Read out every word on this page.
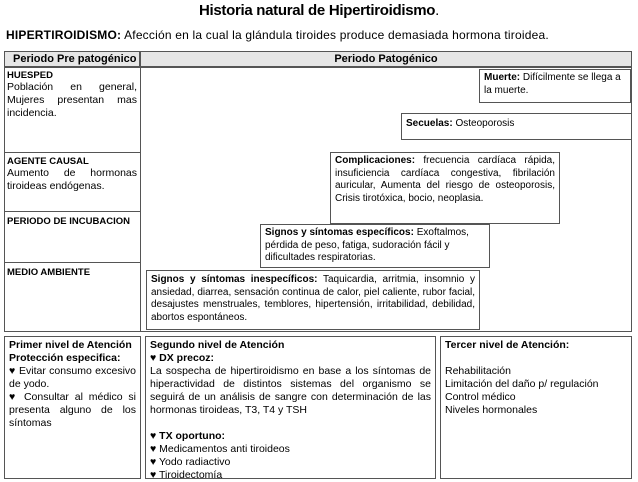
Historia natural de Hipertiroidismo.
HIPERTIROIDISMO: Afección en la cual la glándula tiroides produce demasiada hormona tiroidea.
Periodo Pre patogénico	Periodo Patogénico
HUESPED
Población en general, Mujeres presentan mas incidencia.
AGENTE CAUSAL
Aumento de hormonas tiroideas endógenas.
PERIODO DE INCUBACION
MEDIO AMBIENTE
Muerte: Difícilmente se llega a la muerte.
Secuelas: Osteoporosis
Complicaciones: frecuencia cardíaca rápida, insuficiencia cardíaca congestiva, fibrilación auricular, Aumenta del riesgo de osteoporosis, Crisis tirotóxica, bocio, neoplasia.
Signos y síntomas específicos: Exoftalmos, pérdida de peso, fatiga, sudoración fácil y dificultades respiratorias.
Signos y síntomas inespecíficos: Taquicardia, arritmia, insomnio y ansiedad, diarrea, sensación continua de calor, piel caliente, rubor facial, desajustes menstruales, temblores, hipertensión, irritabilidad, debilidad, abortos espontáneos.
Primer nivel de Atención
Protección especifica:
♥ Evitar consumo excesivo de yodo.
♥ Consultar al médico si presenta alguno de los síntomas
Segundo nivel de Atención
♥ DX precoz:
La sospecha de hipertiroidismo en base a los síntomas de hiperactividad de distintos sistemas del organismo se seguirá de un análisis de sangre con determinación de las hormonas tiroideas, T3, T4 y TSH
♥ TX oportuno:
♥ Medicamentos anti tiroideos
♥ Yodo radiactivo
♥ Tiroidectomía
Tercer nivel de Atención:
Rehabilitación
Limitación del daño p/ regulación
Control médico
Niveles hormonales
